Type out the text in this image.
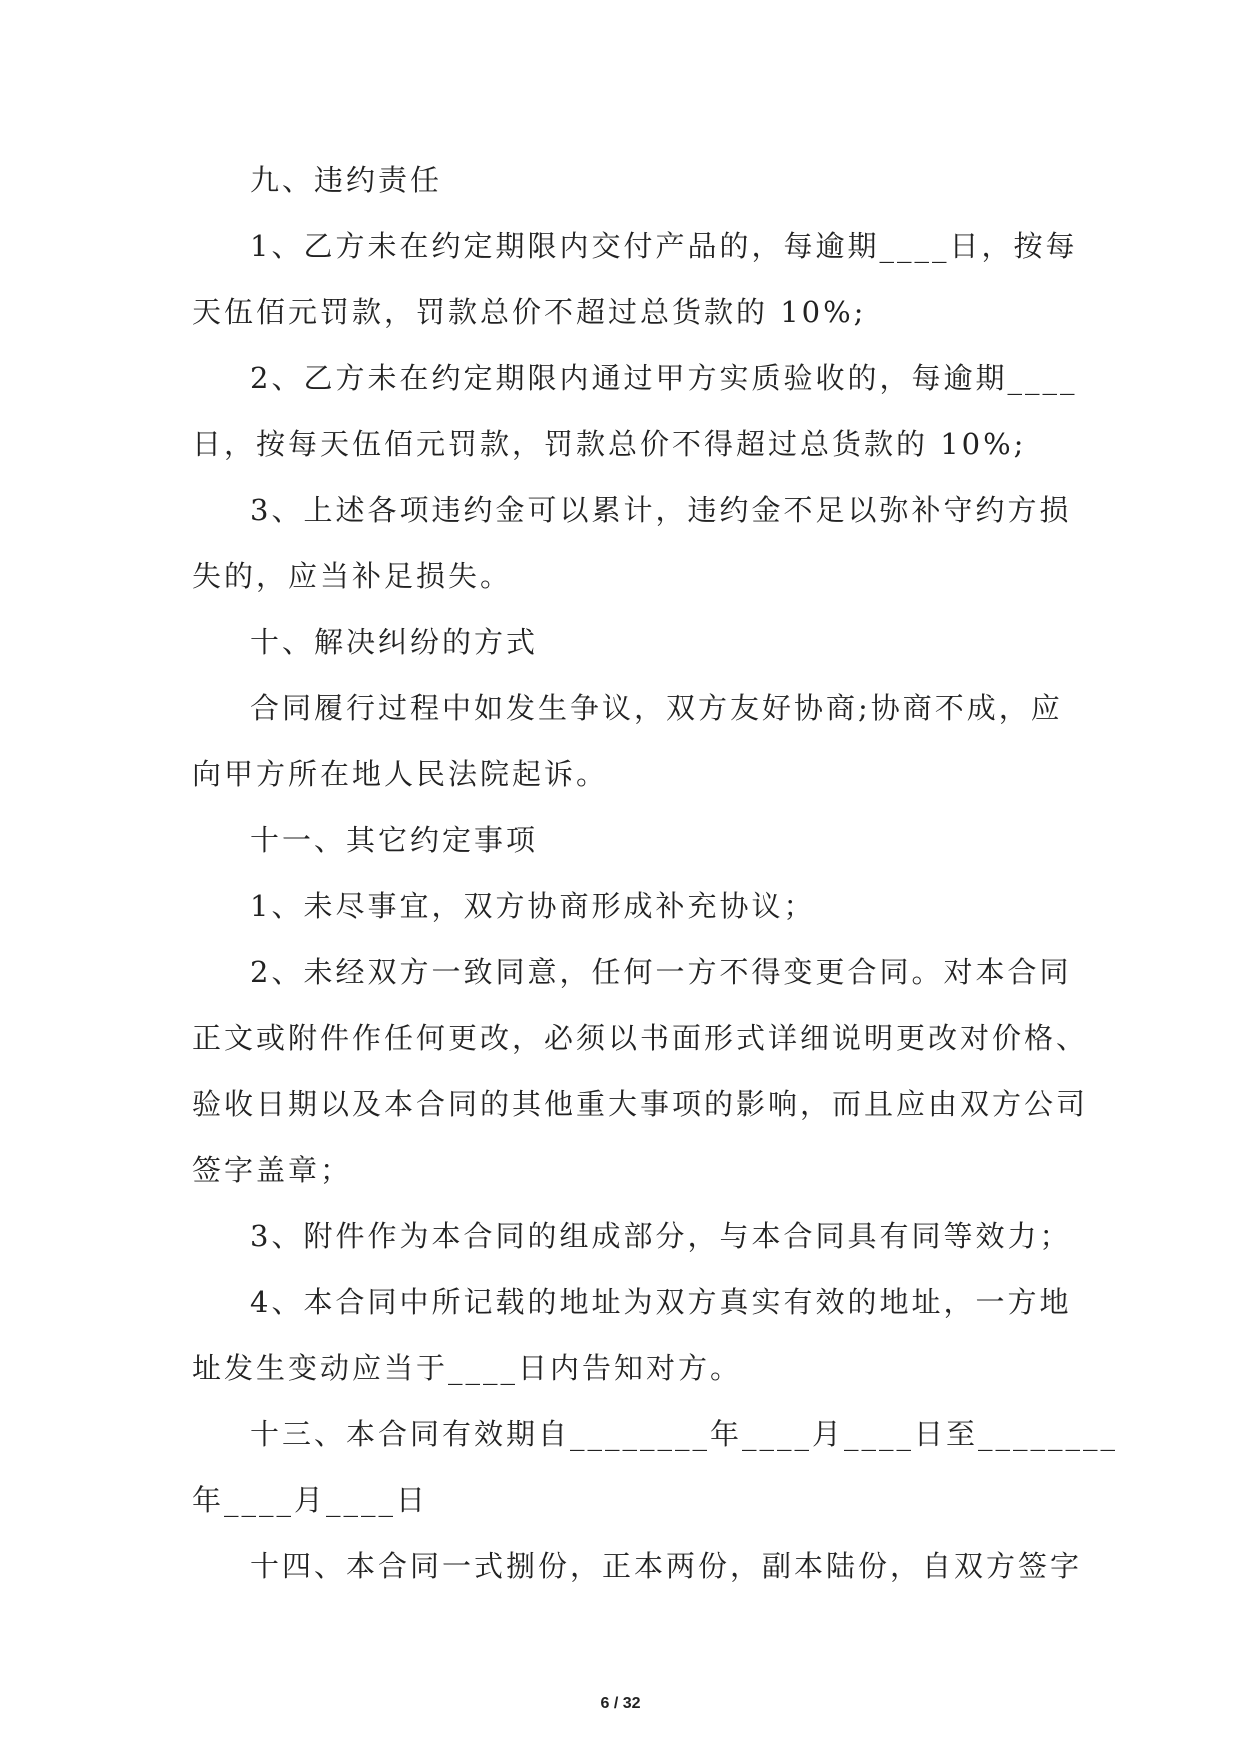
九、违约责任
1、乙方未在约定期限内交付产品的，每逾期____日，按每
天伍佰元罚款，罚款总价不超过总货款的 10%;
2、乙方未在约定期限内通过甲方实质验收的，每逾期____
日，按每天伍佰元罚款，罚款总价不得超过总货款的 10%;
3、上述各项违约金可以累计，违约金不足以弥补守约方损
失的，应当补足损失。
十、解决纠纷的方式
合同履行过程中如发生争议，双方友好协商;协商不成，应
向甲方所在地人民法院起诉。
十一、其它约定事项
1、未尽事宜，双方协商形成补充协议；
2、未经双方一致同意，任何一方不得变更合同。对本合同
正文或附件作任何更改，必须以书面形式详细说明更改对价格、
验收日期以及本合同的其他重大事项的影响，而且应由双方公司
签字盖章；
3、附件作为本合同的组成部分，与本合同具有同等效力；
4、本合同中所记载的地址为双方真实有效的地址，一方地
址发生变动应当于____日内告知对方。
十三、本合同有效期自________年____月____日至________
年____月____日
十四、本合同一式捌份，正本两份，副本陆份，自双方签字
6 / 32
